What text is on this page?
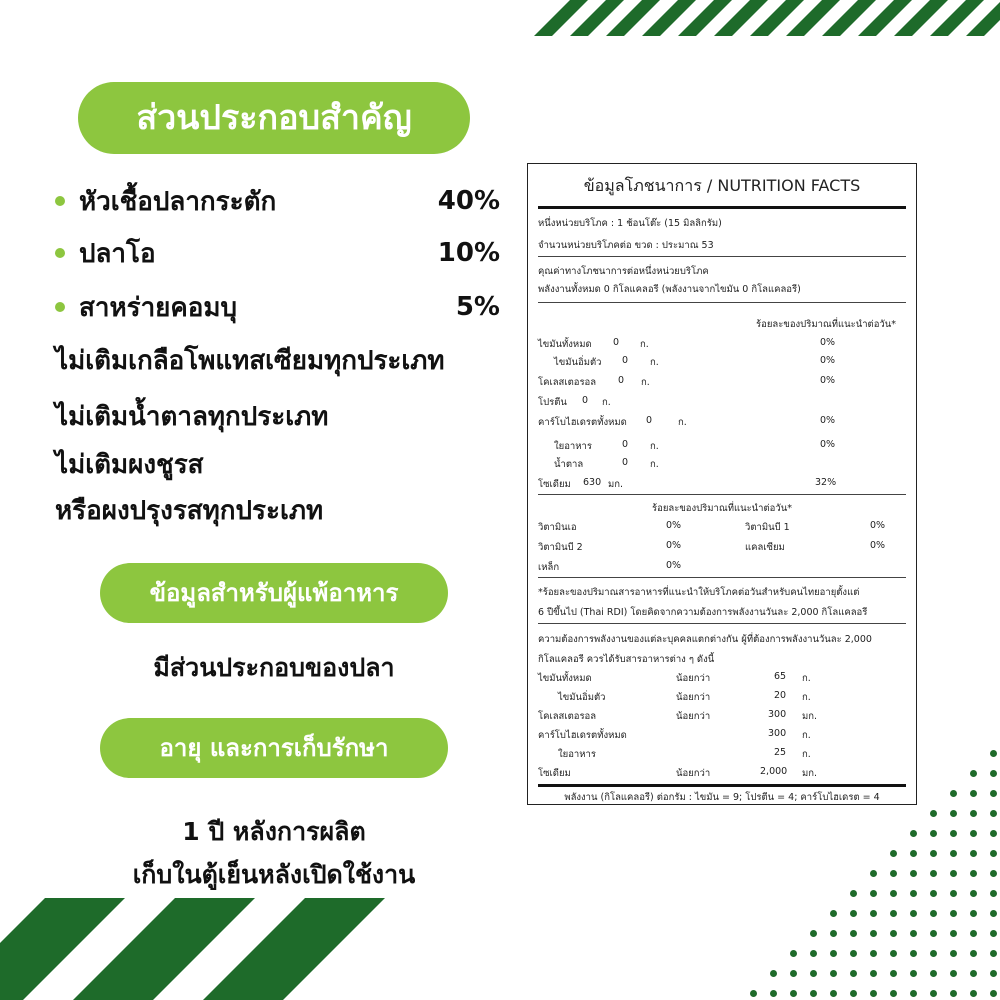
ส่วนประกอบสำคัญ
หัวเชื้อปลากระตัก	40%
ปลาโอ	10%
สาหร่ายคอมบุ	5%
ไม่เติมเกลือโพแทสเซียมทุกประเภท
ไม่เติมน้ำตาลทุกประเภท
ไม่เติมผงชูรส
หรือผงปรุงรสทุกประเภท
ข้อมูลสำหรับผู้แพ้อาหาร
มีส่วนประกอบของปลา
อายุ และการเก็บรักษา
1 ปี หลังการผลิต
เก็บในตู้เย็นหลังเปิดใช้งาน
ข้อมูลโภชนาการ / NUTRITION FACTS
หนึ่งหน่วยบริโภค : 1 ช้อนโต๊ะ (15 มิลลิกรัม)
จำนวนหน่วยบริโภคต่อ ขวด : ประมาณ 53
คุณค่าทางโภชนาการต่อหนึ่งหน่วยบริโภค
พลังงานทั้งหมด 0 กิโลแคลอรี (พลังงานจากไขมัน 0 กิโลแคลอรี)
ร้อยละของปริมาณที่แนะนำต่อวัน*
ไขมันทั้งหมด 0 ก.	0%
ไขมันอิ่มตัว 0 ก.	0%
โคเลสเตอรอล 0 ก.	0%
โปรตีน 0 ก.
คาร์โบไฮเดรตทั้งหมด 0	ก.	0%
ใยอาหาร	0 ก.	0%
น้ำตาล	0 ก.
โซเดียม 630 มก.	32%
ร้อยละของปริมาณที่แนะนำต่อวัน*
วิตามินเอ	0%	วิตามินบี 1	0%
วิตามินบี 2	0%	แคลเซียม	0%
เหล็ก	0%
*ร้อยละของปริมาณสารอาหารที่แนะนำให้บริโภคต่อวันสำหรับคนไทยอายุตั้งแต่
6 ปีขึ้นไป (Thai RDI) โดยคิดจากความต้องการพลังงานวันละ 2,000 กิโลแคลอรี
ความต้องการพลังงานของแต่ละบุคคลแตกต่างกัน ผู้ที่ต้องการพลังงานวันละ 2,000
กิโลแคลอรี ควรได้รับสารอาหารต่าง ๆ ดังนี้
ไขมันทั้งหมด	น้อยกว่า	65 ก.
ไขมันอิ่มตัว	น้อยกว่า	20 ก.
โคเลสเตอรอล	น้อยกว่า	300 มก.
คาร์โบไฮเดรตทั้งหมด	300 ก.
ใยอาหาร	25 ก.
โซเดียม	น้อยกว่า	2,000 มก.
พลังงาน (กิโลแคลอรี) ต่อกรัม : ไขมัน = 9; โปรตีน = 4; คาร์โบไฮเดรต = 4
